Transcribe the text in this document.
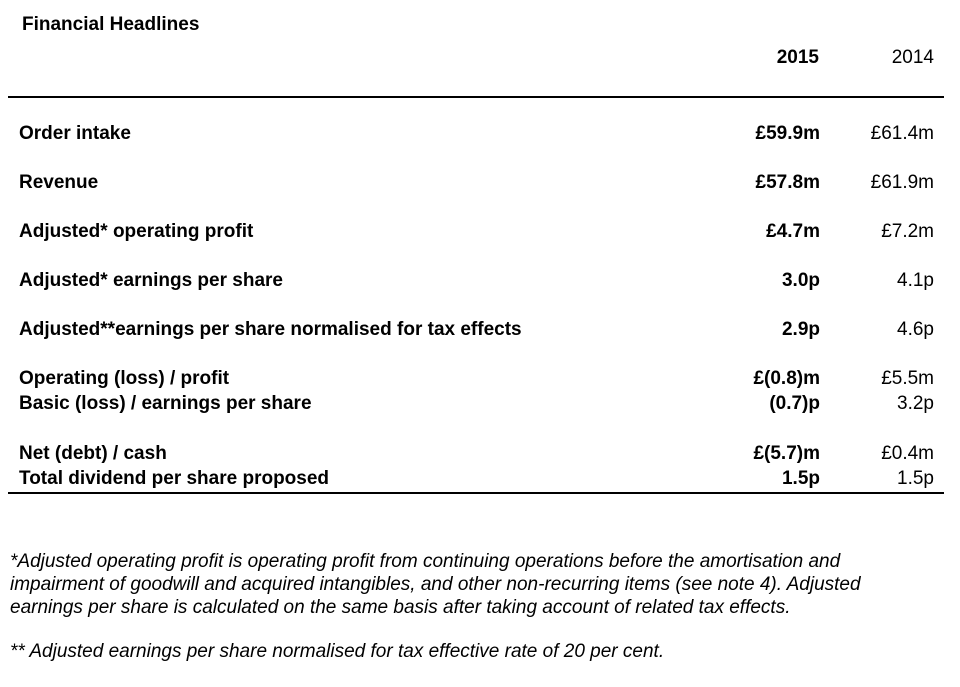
Financial Headlines
2015	2014
Order intake	£59.9m	£61.4m
Revenue	£57.8m	£61.9m
Adjusted* operating profit	£4.7m	£7.2m
Adjusted* earnings per share	3.0p	4.1p
Adjusted**earnings per share normalised for tax effects	2.9p	4.6p
Operating (loss) / profit	£(0.8)m	£5.5m
Basic (loss) / earnings per share	(0.7)p	3.2p
Net (debt) / cash	£(5.7)m	£0.4m
Total dividend per share proposed	1.5p	1.5p
*Adjusted operating profit is operating profit from continuing operations before the amortisation and
impairment of goodwill and acquired intangibles, and other non-recurring items (see note 4). Adjusted
earnings per share is calculated on the same basis after taking account of related tax effects.
** Adjusted earnings per share normalised for tax effective rate of 20 per cent.
